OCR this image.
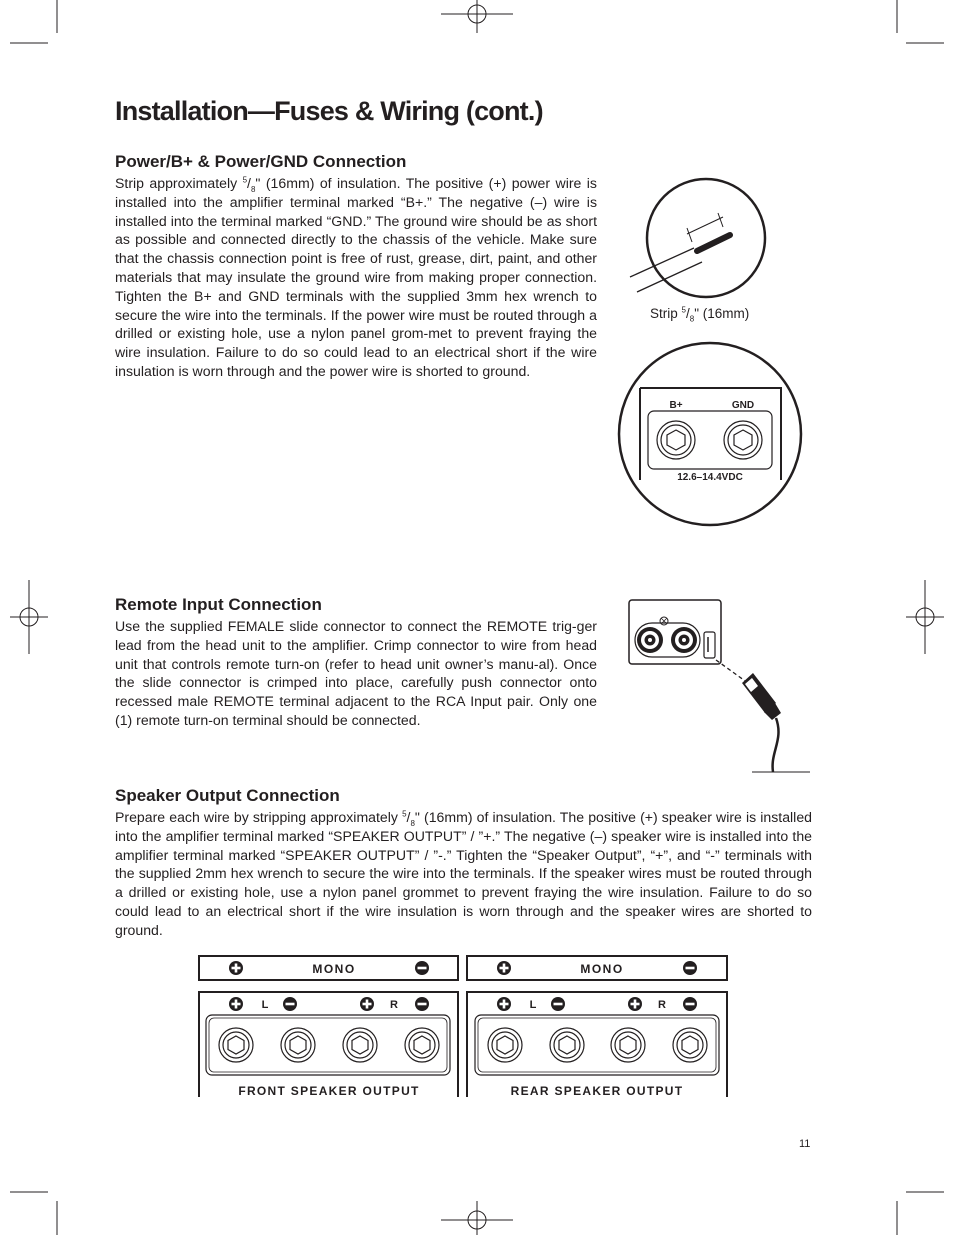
Installation—Fuses & Wiring (cont.)
Power/B+ & Power/GND Connection

Strip approximately $^5/_8$" (16mm) of insulation. The positive (+) power wire is installed into the amplifier terminal marked “B+.” The negative (–) wire is installed into the terminal marked “GND.” The ground wire should be as short as possible and connected directly to the chassis of the vehicle. Make sure that the chassis connection point is free of rust, grease, dirt, paint, and other materials that may insulate the ground wire from making proper connection. Tighten the B+ and GND terminals with the supplied 3mm hex wrench to secure the wire into the terminals. If the power wire must be routed through a drilled or existing hole, use a nylon panel grom-met to prevent fraying the wire insulation. Failure to do so could lead to an electrical short if the wire insulation is worn through and the power wire is shorted to ground.

Strip $^5/_8$" (16mm)
B+	GND
12.6–14.4VDC
Remote Input Connection

Use the supplied FEMALE slide connector to connect the REMOTE trig-ger lead from the head unit to the amplifier. Crimp connector to wire from head unit that controls remote turn-on (refer to head unit owner’s manu-al). Once the slide connector is crimped into place, carefully push connector onto recessed male REMOTE terminal adjacent to the RCA Input pair. Only one (1) remote turn-on terminal should be connected.

Speaker Output Connection

Prepare each wire by stripping approximately $^5/_8$" (16mm) of insulation. The positive (+) speaker wire is installed into the amplifier terminal marked “SPEAKER OUTPUT” / ”+.” The negative (–) speaker wire is installed into the amplifier terminal marked “SPEAKER OUTPUT” / ”-.” Tighten the “Speaker Output”, “+”, and “-” terminals with the supplied 2mm hex wrench to secure the wire into the terminals. If the speaker wires must be routed through a drilled or existing hole, use a nylon panel grommet to prevent fraying the wire insulation. Failure to do so could lead to an electrical short if the wire insulation is worn through and the speaker wires are shorted to ground.

MONO
L	R
FRONT SPEAKER OUTPUT
MONO
L	R
REAR SPEAKER OUTPUT
11
